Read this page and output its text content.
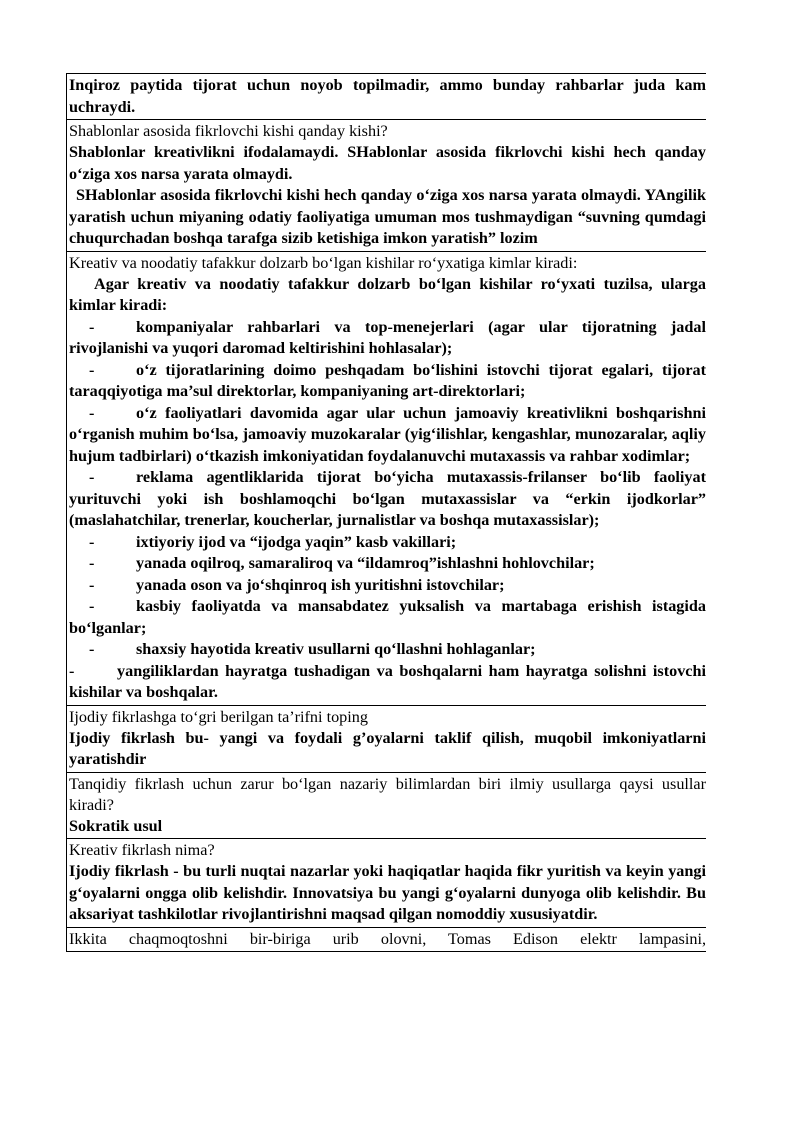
Inqiroz paytida tijorat uchun noyob topilmadir, ammo bunday rahbarlar juda kam uchraydi.

Shablonlar asosida fikrlovchi kishi qanday kishi?

Shablonlar kreativlikni ifodalamaydi. SHablonlar asosida fikrlovchi kishi hech qanday o‘ziga xos narsa yarata olmaydi.

SHablonlar asosida fikrlovchi kishi hech qanday o‘ziga xos narsa yarata olmaydi. YAngilik yaratish uchun miyaning odatiy faoliyatiga umuman mos tushmaydigan “suvning qumdagi chuqurchadan boshqa tarafga sizib ketishiga imkon yaratish” lozim

Kreativ va noodatiy tafakkur dolzarb bo‘lgan kishilar ro‘yxatiga kimlar kiradi:

Agar kreativ va noodatiy tafakkur dolzarb bo‘lgan kishilar ro‘yxati tuzilsa, ularga kimlar kiradi:

-	kompaniyalar rahbarlari va top-menejerlari (agar ular tijoratning jadal rivojlanishi va yuqori daromad keltirishini hohlasalar);

-	o‘z tijoratlarining doimo peshqadam bo‘lishini istovchi tijorat egalari, tijorat taraqqiyotiga ma’sul direktorlar, kompaniyaning art-direktorlari;

-	o‘z faoliyatlari davomida agar ular uchun jamoaviy kreativlikni boshqarishni o‘rganish muhim bo‘lsa, jamoaviy muzokaralar (yig‘ilishlar, kengashlar, munozaralar, aqliy hujum tadbirlari) o‘tkazish imkoniyatidan foydalanuvchi mutaxassis va rahbar xodimlar;

-	reklama agentliklarida tijorat bo‘yicha mutaxassis-frilanser bo‘lib faoliyat yurituvchi yoki ish boshlamoqchi bo‘lgan mutaxassislar va “erkin ijodkorlar” (maslahatchilar, trenerlar, koucherlar, jurnalistlar va boshqa mutaxassislar);

-	ixtiyoriy ijod va “ijodga yaqin” kasb vakillari;

-	yanada oqilroq, samaraliroq va “ildamroq”ishlashni hohlovchilar;

-	yanada oson va jo‘shqinroq ish yuritishni istovchilar;

-	kasbiy faoliyatda va mansabdatez yuksalish va martabaga erishish istagida bo‘lganlar;

-	shaxsiy hayotida kreativ usullarni qo‘llashni hohlaganlar;

-	yangiliklardan hayratga tushadigan va boshqalarni ham hayratga solishni istovchi kishilar va boshqalar.

Ijodiy fikrlashga to‘gri berilgan ta’rifni toping

Ijodiy fikrlash bu- yangi va foydali g’oyalarni taklif qilish, muqobil imkoniyatlarni yaratishdir

Tanqidiy fikrlash uchun zarur bo‘lgan nazariy bilimlardan biri ilmiy usullarga qaysi usullar kiradi?

Sokratik usul

Kreativ fikrlash nima?

Ijodiy fikrlash - bu turli nuqtai nazarlar yoki haqiqatlar haqida fikr yuritish va keyin yangi g‘oyalarni ongga olib kelishdir. Innovatsiya bu yangi g‘oyalarni dunyoga olib kelishdir. Bu aksariyat tashkilotlar rivojlantirishni maqsad qilgan nomoddiy xususiyatdir.

Ikkita chaqmoqtoshni bir-biriga urib olovni, Tomas Edison elektr lampasini,
